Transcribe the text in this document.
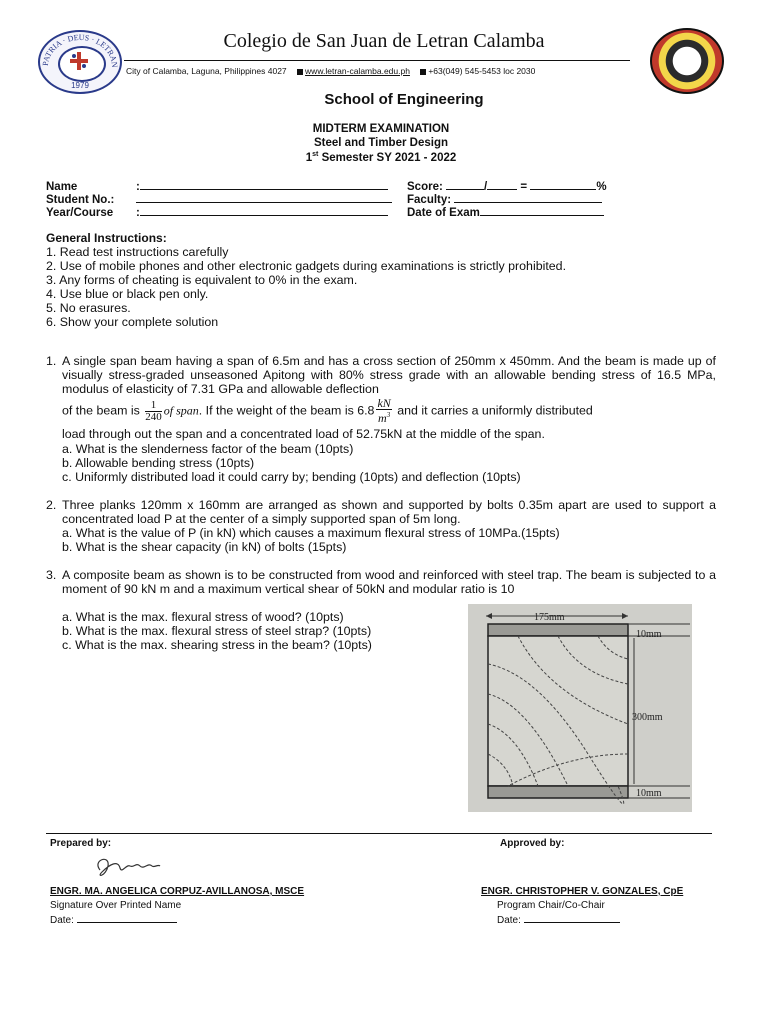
1979
PATRIA · DEUS · LETRAN
Colegio de San Juan de Letran Calamba
City of Calamba, Laguna, Philippines 4027 www.letran-calamba.edu.ph +63(049) 545-5453 loc 2030
School of Engineering
MIDTERM EXAMINATION
Steel and Timber Design
1st Semester SY 2021 - 2022
Name	:
Student No.:
Year/Course :
Score:	/	=	%
Faculty:
Date of Exam
General Instructions:
1. Read test instructions carefully
2. Use of mobile phones and other electronic gadgets during examinations is strictly prohibited.
3. Any forms of cheating is equivalent to 0% in the exam.
4. Use blue or black pen only.
5. No erasures.
6. Show your complete solution
1. A single span beam having a span of 6.5m and has a cross section of 250mm x 450mm. And the beam is made up of visually stress-graded unseasoned Apitong with 80% stress grade with an allowable bending stress of 16.5 MPa, modulus of elasticity of 7.31 GPa and allowable deflection
of the beam is $\frac{1}{240}$ of span. If the weight of the beam is $6.8 \frac{kN}{m^3}$ and it carries a uniformly distributed
load through out the span and a concentrated load of 52.75kN at the middle of the span.
a. What is the slenderness factor of the beam (10pts)
b. Allowable bending stress (10pts)
c. Uniformly distributed load it could carry by; bending (10pts) and deflection (10pts)
2. Three planks 120mm x 160mm are arranged as shown and supported by bolts 0.35m apart are used to support a concentrated load P at the center of a simply supported span of 5m long.
a. What is the value of P (in kN) which causes a maximum flexural stress of 10MPa.(15pts)
b. What is the shear capacity (in kN) of bolts (15pts)
3. A composite beam as shown is to be constructed from wood and reinforced with steel trap. The beam is subjected to a moment of 90 kN m and a maximum vertical shear of 50kN and modular ratio is 10
a. What is the max. flexural stress of wood? (10pts)
b. What is the max. flexural stress of steel strap? (10pts)
c. What is the max. shearing stress in the beam? (10pts)
175mm
10mm
300mm
10mm
Prepared by:	Approved by:
ENGR. MA. ANGELICA CORPUZ-AVILLANOSA, MSCE
Signature Over Printed Name
Date:
ENGR. CHRISTOPHER V. GONZALES, CpE
Program Chair/Co-Chair
Date:
